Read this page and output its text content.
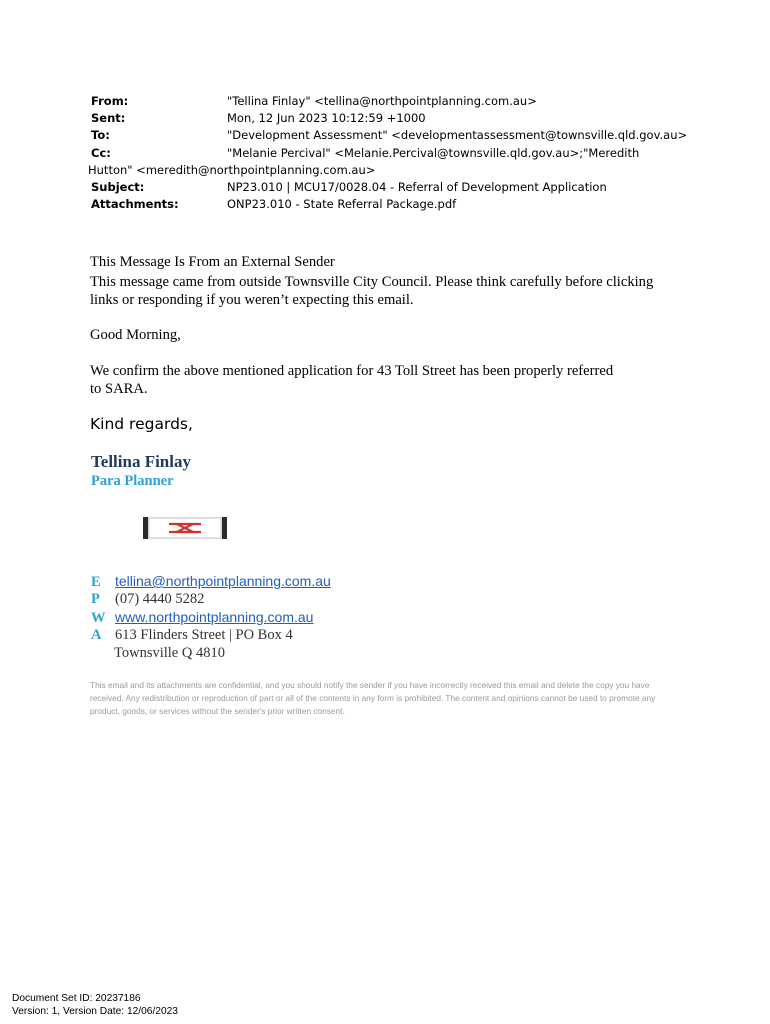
From:	"Tellina Finlay" <tellina@northpointplanning.com.au>
Sent:	Mon, 12 Jun 2023 10:12:59 +1000
To:	"Development Assessment" <developmentassessment@townsville.qld.gov.au>
Cc:	"Melanie Percival" <Melanie.Percival@townsville.qld.gov.au>;"Meredith
Hutton" <meredith@northpointplanning.com.au>
Subject:	NP23.010 | MCU17/0028.04 - Referral of Development Application
Attachments:	ONP23.010 - State Referral Package.pdf
This Message Is From an External Sender
This message came from outside Townsville City Council. Please think carefully before clicking
links or responding if you weren’t expecting this email.
Good Morning,
We confirm the above mentioned application for 43 Toll Street has been properly referred
to SARA.
Kind regards,
Tellina Finlay
Para Planner
E tellina@northpointplanning.com.au
P (07) 4440 5282
W www.northpointplanning.com.au
A 613 Flinders Street | PO Box 4
Townsville Q 4810
This email and its attachments are confidential, and you should notify the sender if you have incorrectly received this email and delete the copy you have received. Any redistribution or reproduction of part or all of the contents in any form is prohibited. The content and opinions cannot be used to promote any product, goods, or services without the sender's prior written consent.
Document Set ID: 20237186
Version: 1, Version Date: 12/06/2023
